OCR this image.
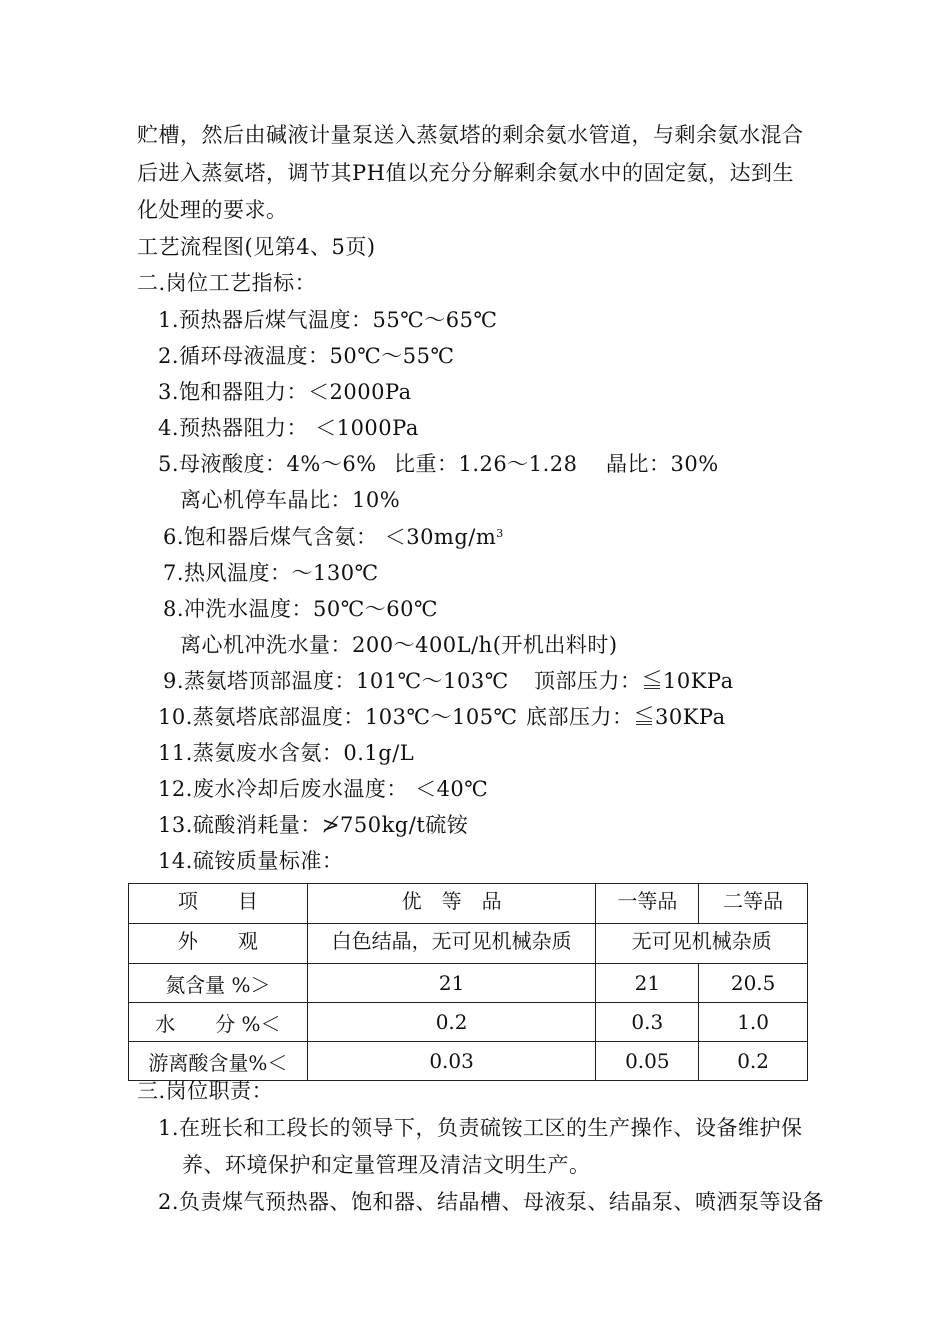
贮槽，然后由碱液计量泵送入蒸氨塔的剩余氨水管道，与剩余氨水混合
后进入蒸氨塔，调节其PH值以充分分解剩余氨水中的固定氨，达到生
化处理的要求。
工艺流程图(见第4、5页)
二.岗位工艺指标：
1.预热器后煤气温度：55℃～65℃
2.循环母液温度：50℃～55℃
3.饱和器阻力：＜2000Pa
4.预热器阻力： ＜1000Pa
5.母液酸度：4%～6% 比重：1.26～1.28 晶比：30%
离心机停车晶比：10%
6.饱和器后煤气含氨： $<30mg/m^3$
7.热风温度：～130℃
8.冲洗水温度：50℃～60℃
离心机冲洗水量：200～400L/h(开机出料时)
9.蒸氨塔顶部温度：101℃～103℃ 顶部压力：≦10KPa
10.蒸氨塔底部温度：103℃～105℃ 底部压力：≦30KPa
11.蒸氨废水含氨：0.1g/L
12.废水冷却后废水温度： ＜40℃
13.硫酸消耗量：≯750kg/t硫铵
14.硫铵质量标准：
项　　目	优　等　品	一等品	二等品
外　　观	白色结晶，无可见机械杂质	无可见机械杂质	
氮含量 %＞	21	21	20.5
水　　分 %＜	0.2	0.3	1.0
游离酸含量%＜	0.03	0.05	0.2
三.岗位职责：
1.在班长和工段长的领导下，负责硫铵工区的生产操作、设备维护保
养、环境保护和定量管理及清洁文明生产。
2.负责煤气预热器、饱和器、结晶槽、母液泵、结晶泵、喷洒泵等设备
